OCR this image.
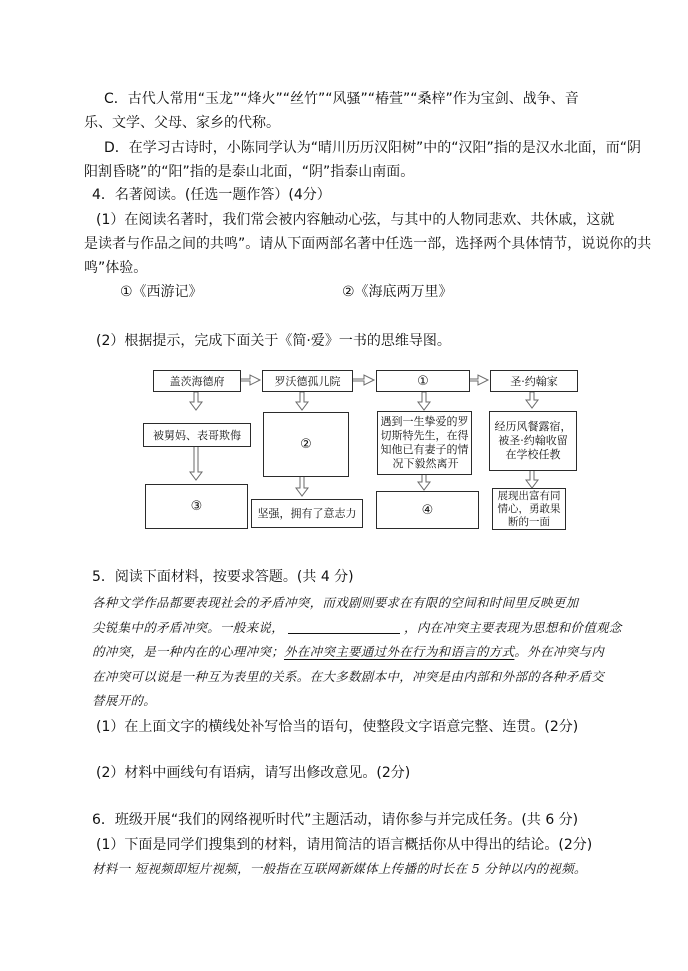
C．古代人常用“玉龙”“烽火”“丝竹”“风骚”“椿萱”“桑梓”作为宝剑、战争、音
乐、文学、父母、家乡的代称。
D．在学习古诗时，小陈同学认为“晴川历历汉阳树”中的“汉阳”指的是汉水北面，而“阴
阳割昏晓”的“阳”指的是泰山北面，“阴”指泰山南面。
4．名著阅读。(任选一题作答）(4分）
(1）在阅读名著时，我们常会被内容触动心弦，与其中的人物同悲欢、共休戚，这就
是读者与作品之间的共鸣”。请从下面两部名著中任选一部，选择两个具体情节，说说你的共
鸣”体验。
①《西游记》	②《海底两万里》
(2）根据提示，完成下面关于《简·爱》一书的思维导图。
盖茨海德府
被舅妈、表哥欺侮
③
罗沃德孤儿院
②
坚强，拥有了意志力
①
遇到一生挚爱的罗
切斯特先生，在得
知他已有妻子的情
况下毅然离开
④
圣·约翰家
经历风餐露宿，
被圣·约翰收留
在学校任教
展现出富有同
情心，勇敢果
断的一面
5．阅读下面材料，按要求答题。(共 4 分)
各种文学作品都要表现社会的矛盾冲突，而戏剧则要求在有限的空间和时间里反映更加
尖锐集中的矛盾冲突。一般来说，	，内在冲突主要表现为思想和价值观念
的冲突，是一种内在的心理冲突；外在冲突主要通过外在行为和语言的方式。外在冲突与内
在冲突可以说是一种互为表里的关系。在大多数剧本中，冲突是由内部和外部的各种矛盾交
替展开的。
(1）在上面文字的横线处补写恰当的语句，使整段文字语意完整、连贯。(2分)
(2）材料中画线句有语病，请写出修改意见。(2分)
6．班级开展“我们的网络视听时代”主题活动，请你参与并完成任务。(共 6 分)
(1）下面是同学们搜集到的材料，请用简洁的语言概括你从中得出的结论。(2分)
材料一 短视频即短片视频，一般指在互联网新媒体上传播的时长在 5 分钟以内的视频。
